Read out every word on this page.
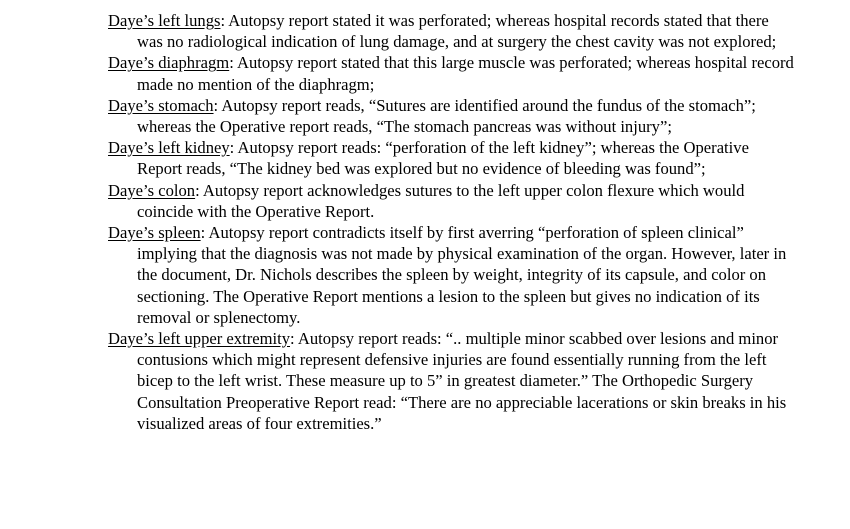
Daye’s left lungs: Autopsy report stated it was perforated; whereas hospital records stated that there was no radiological indication of lung damage, and at surgery the chest cavity was not explored;

Daye’s diaphragm: Autopsy report stated that this large muscle was perforated; whereas hospital record made no mention of the diaphragm;

Daye’s stomach: Autopsy report reads, “Sutures are identified around the fundus of the stomach”; whereas the Operative report reads, “The stomach pancreas was without injury”;

Daye’s left kidney: Autopsy report reads: “perforation of the left kidney”; whereas the Operative Report reads, “The kidney bed was explored but no evidence of bleeding was found”;

Daye’s colon: Autopsy report acknowledges sutures to the left upper colon flexure which would coincide with the Operative Report.

Daye’s spleen: Autopsy report contradicts itself by first averring “perforation of spleen clinical” implying that the diagnosis was not made by physical examination of the organ. However, later in the document, Dr. Nichols describes the spleen by weight, integrity of its capsule, and color on sectioning. The Operative Report mentions a lesion to the spleen but gives no indication of its removal or splenectomy.

Daye’s left upper extremity: Autopsy report reads: “.. multiple minor scabbed over lesions and minor contusions which might represent defensive injuries are found essentially running from the left bicep to the left wrist. These measure up to 5” in greatest diameter.” The Orthopedic Surgery Consultation Preoperative Report read: “There are no appreciable lacerations or skin breaks in his visualized areas of four extremities.”
